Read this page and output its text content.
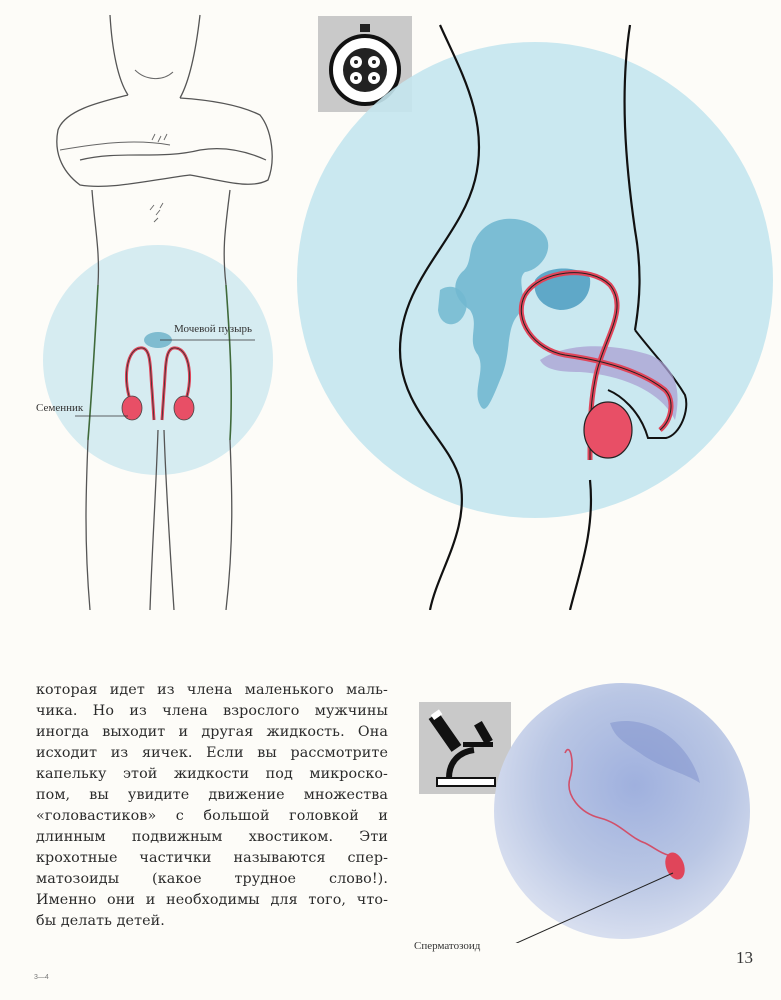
Мочевой пузырь
Семенник
которая идет из члена маленького маль-
чика. Но из члена взрослого мужчины
иногда выходит и другая жидкость. Она
исходит из яичек. Если вы рассмотрите
капельку этой жидкости под микроско-
пом, вы увидите движение множества
«головастиков» с большой головкой и
длинным подвижным хвостиком. Эти
крохотные частички называются спер-
матозоиды (какое трудное слово!).
Именно они и необходимы для того, что-
бы делать детей.
Сперматозоид
13
3—4
